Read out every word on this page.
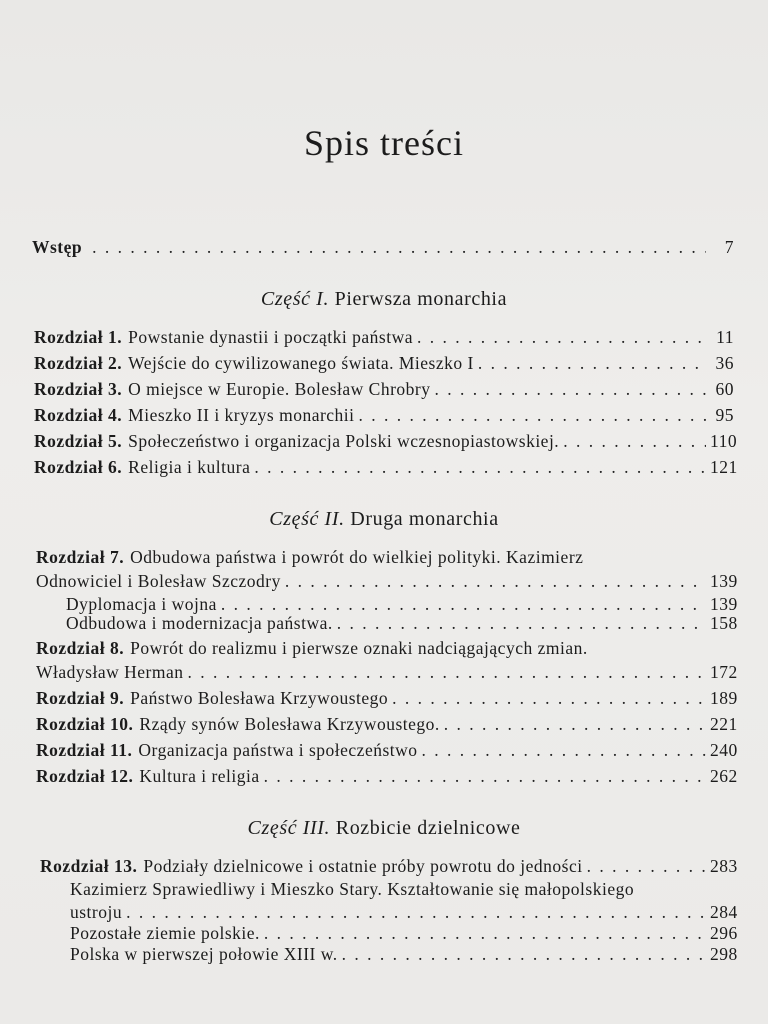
Spis treści
Wstęp . . .	7
Część I. Pierwsza monarchia
Rozdział 1. Powstanie dynastii i początki państwa . . .	11
Rozdział 2. Wejście do cywilizowanego świata. Mieszko I . . .	36
Rozdział 3. O miejsce w Europie. Bolesław Chrobry . . .	60
Rozdział 4. Mieszko II i kryzys monarchii . . .	95
Rozdział 5. Społeczeństwo i organizacja Polski wczesnopiastowskiej. . . .	110
Rozdział 6. Religia i kultura . . .	121
Część II. Druga monarchia
Rozdział 7. Odbudowa państwa i powrót do wielkiej polityki. Kazimierz
Odnowiciel i Bolesław Szczodry . . .	139
Dyplomacja i wojna . . .	139
Odbudowa i modernizacja państwa. . . .	158
Rozdział 8. Powrót do realizmu i pierwsze oznaki nadciągających zmian.
Władysław Herman . . .	172
Rozdział 9. Państwo Bolesława Krzywoustego . . .	189
Rozdział 10. Rządy synów Bolesława Krzywoustego. . . .	221
Rozdział 11. Organizacja państwa i społeczeństwo . . .	240
Rozdział 12. Kultura i religia . . .	262
Część III. Rozbicie dzielnicowe
Rozdział 13. Podziały dzielnicowe i ostatnie próby powrotu do jedności . . .	283
Kazimierz Sprawiedliwy i Mieszko Stary. Kształtowanie się małopolskiego
ustroju . . .	284
Pozostałe ziemie polskie. . . .	296
Polska w pierwszej połowie XIII w. . . .	298
